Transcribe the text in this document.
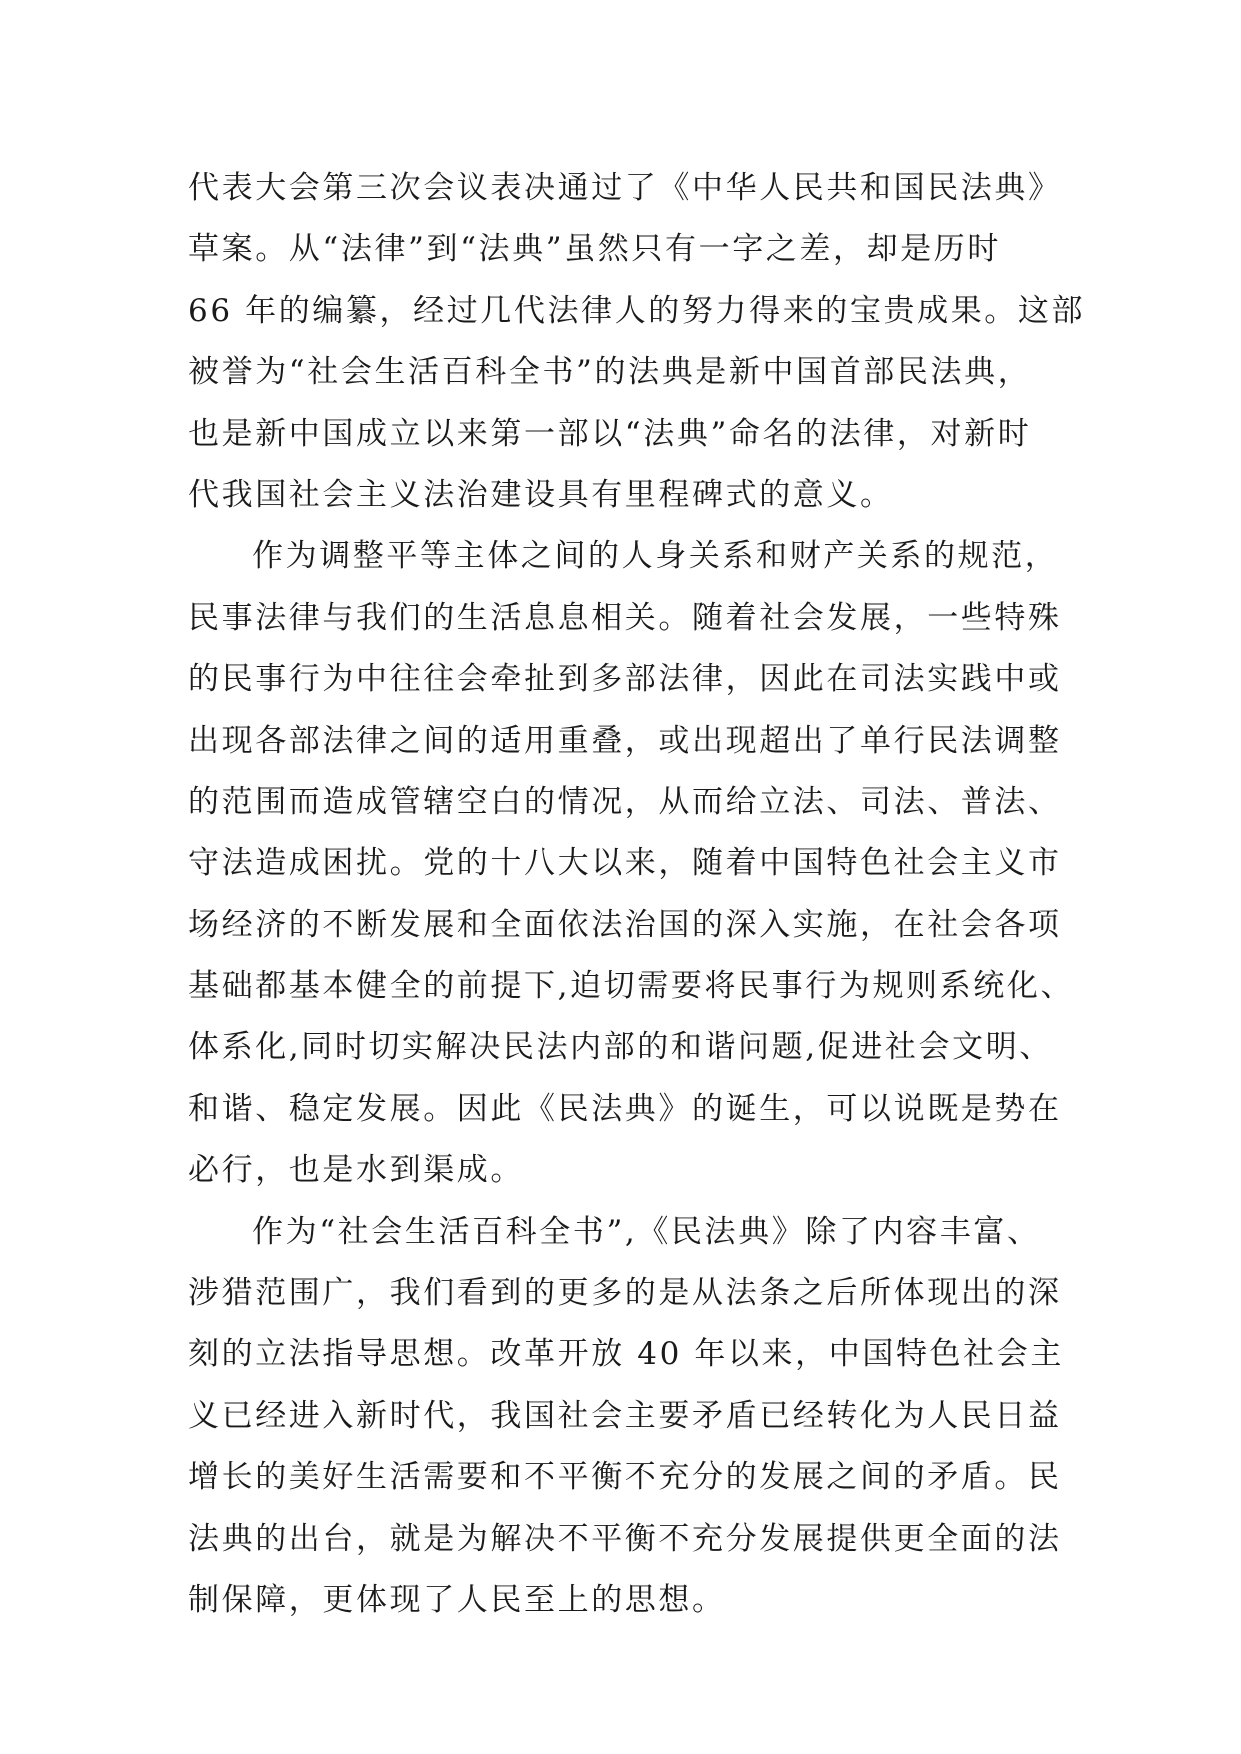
代表大会第三次会议表决通过了《中华人民共和国民法典》
草案。从“法律”到“法典”虽然只有一字之差，却是历时
66 年的编纂，经过几代法律人的努力得来的宝贵成果。这部
被誉为“社会生活百科全书”的法典是新中国首部民法典，
也是新中国成立以来第一部以“法典”命名的法律，对新时
代我国社会主义法治建设具有里程碑式的意义。
作为调整平等主体之间的人身关系和财产关系的规范，
民事法律与我们的生活息息相关。随着社会发展，一些特殊
的民事行为中往往会牵扯到多部法律，因此在司法实践中或
出现各部法律之间的适用重叠，或出现超出了单行民法调整
的范围而造成管辖空白的情况，从而给立法、司法、普法、
守法造成困扰。党的十八大以来，随着中国特色社会主义市
场经济的不断发展和全面依法治国的深入实施，在社会各项
基础都基本健全的前提下,迫切需要将民事行为规则系统化、
体系化,同时切实解决民法内部的和谐问题,促进社会文明、
和谐、稳定发展。因此《民法典》的诞生，可以说既是势在
必行，也是水到渠成。
作为“社会生活百科全书”,《民法典》除了内容丰富、
涉猎范围广，我们看到的更多的是从法条之后所体现出的深
刻的立法指导思想。改革开放 40 年以来，中国特色社会主
义已经进入新时代，我国社会主要矛盾已经转化为人民日益
增长的美好生活需要和不平衡不充分的发展之间的矛盾。民
法典的出台，就是为解决不平衡不充分发展提供更全面的法
制保障，更体现了人民至上的思想。
